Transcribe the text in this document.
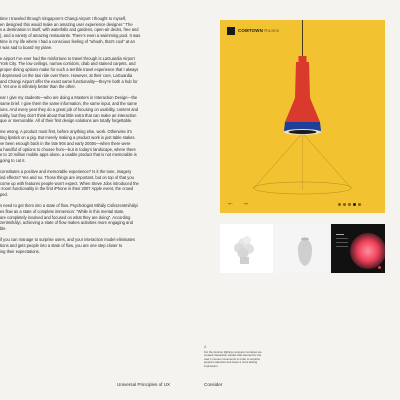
time I traveled through Singapore’s Changi Airport I thought to myself,
en designed this would make an amazing user experience designer.” The
s a destination in itself, with waterfalls and gardens, open-air decks, free and
), and a variety of amazing restaurants. There’s even a swimming pool. It was
time in my life where I had a conscious feeling of “whoah, that’s cool” at an
I was sad to board my plane.

e airport I’ve ever had the misfortune to travel through is LaGuardia Airport
York City. The low ceilings, narrow corridors, drab and stained carpets, and
proper dining options make for such a terrible travel experience that I always
l depressed on the taxi ride over there. However, at their core, LaGuardia
and Changi Airport offer the exact same functionality—they’re both a hub for
l. Yet one is infinitely better than the other.

ear I give my students—who are doing a Masters in Interaction Design—the
same brief. I give them the same information, the same input, and the same
ions. And every year they do a great job of focusing on usability, content and
nality, but they don’t think about that little extra that can make an interaction
que or memorable. All of their first design solutions are totally forgettable.

me wrong. A product must first, before anything else, work. Otherwise it’s
ting lipstick on a pig. But merely making a product work is just table stakes.
ve been enough back in the late 90s and early 2000s—when there were
a handful of options to choose from—but in today’s landscape, where there
e to 10 million mobile apps alone, a usable product that is not memorable is
going to cut it.

constitutes a positive and memorable experience? Is it the tone, imagery
ind effects? Yes and no. Those things are important, but on top of that you
come up with features people won’t expect. When Steve Jobs introduced the
-zoom functionality in the first iPhone in their 2007 Apple event, the crowd
ped.

s need to get them into a state of flow. Psychologist Mihály Csíkszentmihályi
es flow as a state of complete immersion: “While in this mental state,
are completely involved and focused on what they are doing”. According
zentmihályi, achieving a state of flow makes activities more engaging and
ble.

if you can manage to surprise users, and your interaction model eliminates
tions and gets people into a state of flow, you are one step closer to
ing their expectations.

COMTOWN Rooms
← →
4
For the Auricon lighting company Comtown we created interaction visuals that seemed for the user’s mouse movements in order to surprise people’s attention and leave a more lasting impression.
Universal Principles of UX	Consider
